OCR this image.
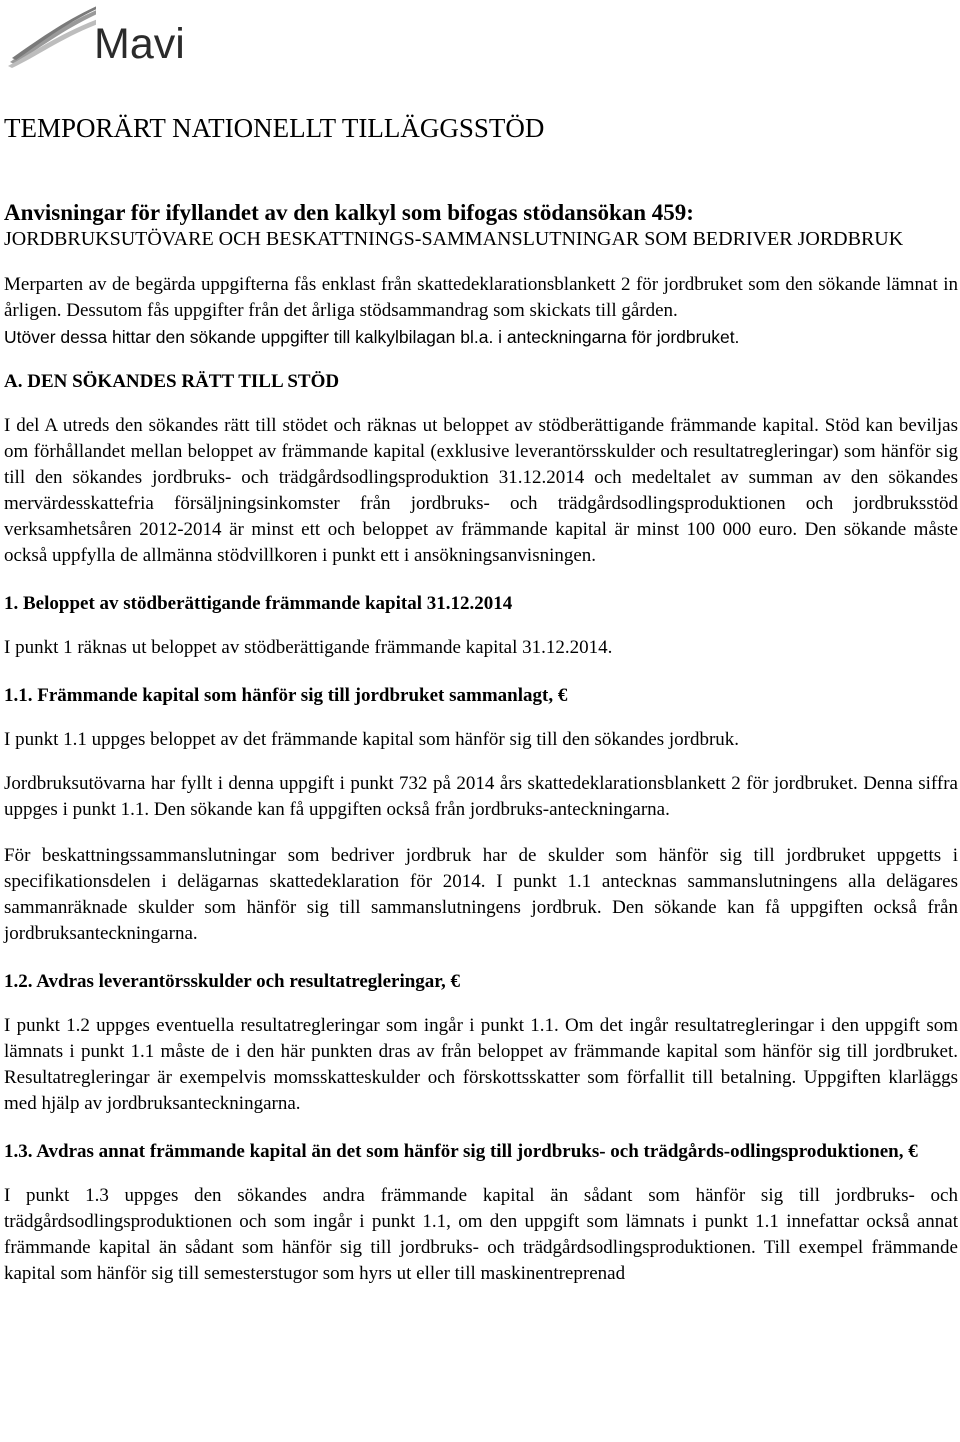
Mavi
TEMPORÄRT NATIONELLT TILLÄGGSSTÖD
Anvisningar för ifyllandet av den kalkyl som bifogas stödansökan 459:
JORDBRUKSUTÖVARE OCH BESKATTNINGS-SAMMANSLUTNINGAR SOM BEDRIVER JORDBRUK

Merparten av de begärda uppgifterna fås enklast från skattedeklarationsblankett 2 för jordbruket som den sökande lämnat in årligen. Dessutom fås uppgifter från det årliga stödsammandrag som skickats till gården.

Utöver dessa hittar den sökande uppgifter till kalkylbilagan bl.a. i anteckningarna för jordbruket.

A. DEN SÖKANDES RÄTT TILL STÖD

I del A utreds den sökandes rätt till stödet och räknas ut beloppet av stödberättigande främmande kapital. Stöd kan beviljas om förhållandet mellan beloppet av främmande kapital (exklusive leverantörsskulder och resultatregleringar) som hänför sig till den sökandes jordbruks- och trädgårdsodlingsproduktion 31.12.2014 och medeltalet av summan av den sökandes mervärdesskattefria försäljningsinkomster från jordbruks- och trädgårdsodlingsproduktionen och jordbruksstöd verksamhetsåren 2012-2014 är minst ett och beloppet av främmande kapital är minst 100 000 euro. Den sökande måste också uppfylla de allmänna stödvillkoren i punkt ett i ansökningsanvisningen.

1. Beloppet av stödberättigande främmande kapital 31.12.2014

I punkt 1 räknas ut beloppet av stödberättigande främmande kapital 31.12.2014.

1.1. Främmande kapital som hänför sig till jordbruket sammanlagt, €

I punkt 1.1 uppges beloppet av det främmande kapital som hänför sig till den sökandes jordbruk.

Jordbruksutövarna har fyllt i denna uppgift i punkt 732 på 2014 års skattedeklarationsblankett 2 för jordbruket. Denna siffra uppges i punkt 1.1. Den sökande kan få uppgiften också från jordbruks-anteckningarna.

För beskattningssammanslutningar som bedriver jordbruk har de skulder som hänför sig till jordbruket uppgetts i specifikationsdelen i delägarnas skattedeklaration för 2014. I punkt 1.1 antecknas sammanslutningens alla delägares sammanräknade skulder som hänför sig till sammanslutningens jordbruk. Den sökande kan få uppgiften också från jordbruksanteckningarna.

1.2. Avdras leverantörsskulder och resultatregleringar, €

I punkt 1.2 uppges eventuella resultatregleringar som ingår i punkt 1.1. Om det ingår resultatregleringar i den uppgift som lämnats i punkt 1.1 måste de i den här punkten dras av från beloppet av främmande kapital som hänför sig till jordbruket. Resultatregleringar är exempelvis momsskatteskulder och förskottsskatter som förfallit till betalning. Uppgiften klarläggs med hjälp av jordbruksanteckningarna.

1.3. Avdras annat främmande kapital än det som hänför sig till jordbruks- och trädgårds-odlingsproduktionen, €

I punkt 1.3 uppges den sökandes andra främmande kapital än sådant som hänför sig till jordbruks- och trädgårdsodlingsproduktionen och som ingår i punkt 1.1, om den uppgift som lämnats i punkt 1.1 innefattar också annat främmande kapital än sådant som hänför sig till jordbruks- och trädgårdsodlingsproduktionen. Till exempel främmande kapital som hänför sig till semesterstugor som hyrs ut eller till maskinentreprenad
